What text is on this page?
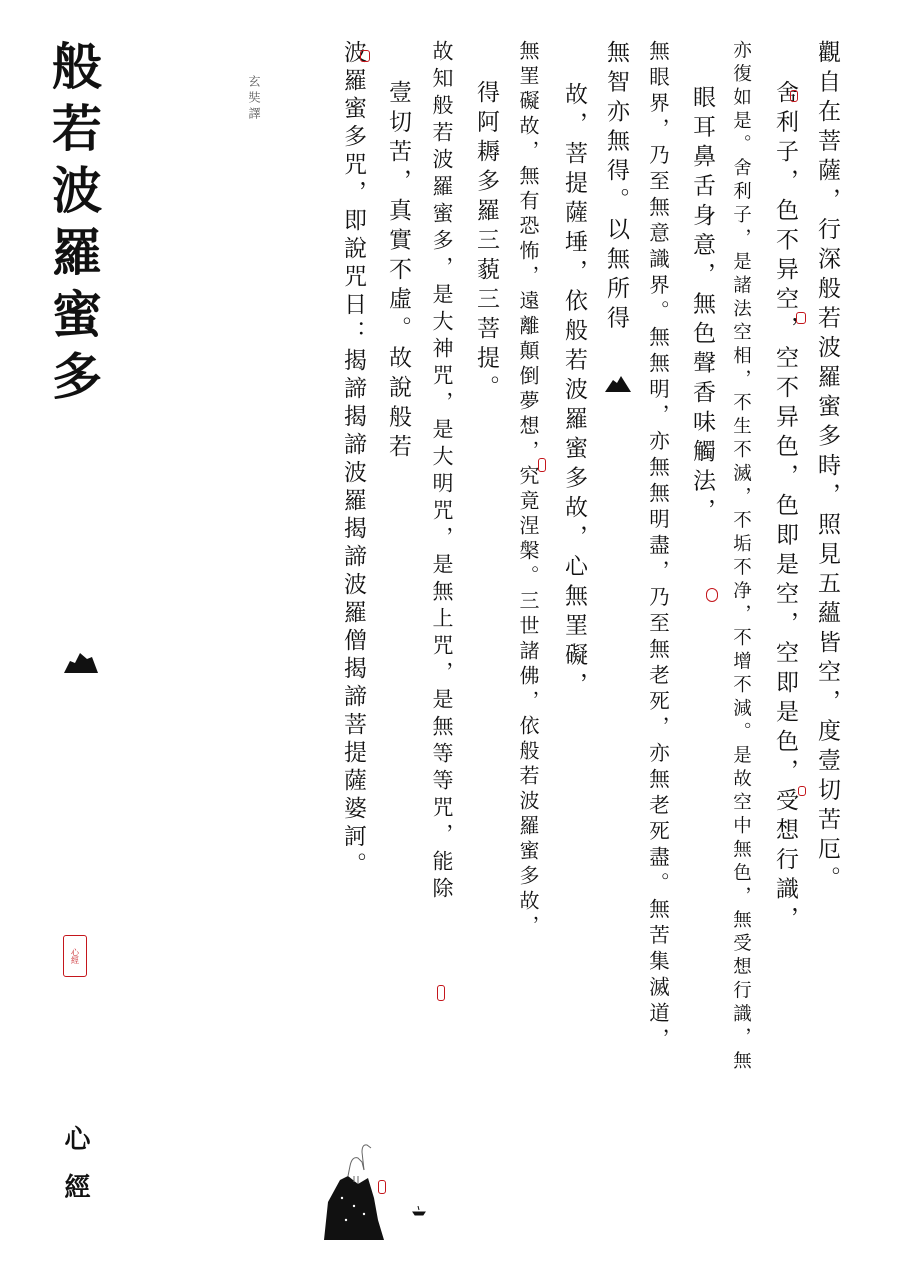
般若波羅蜜多	玄奘譯
心經
心經
觀自在菩薩，行深般若波羅蜜多時，照見五蘊皆空，度壹切苦厄。
舍利子，色不异空，空不异色，色即是空，空即是色，受想行識，
亦復如是。舍利子，是諸法空相，不生不滅，不垢不净，不增不減。是故空中無色，無受想行識，無
眼耳鼻舌身意，無色聲香味觸法，
無眼界，乃至無意識界。無無明，亦無無明盡，乃至無老死，亦無老死盡。無苦集滅道，
無智亦無得。以無所得
故，菩提薩埵，依般若波羅蜜多故，心無罣礙，
無罣礙故，無有恐怖，遠離顛倒夢想，究竟涅槃。三世諸佛，依般若波羅蜜多故，
得阿耨多羅三藐三菩提。
故知般若波羅蜜多，是大神咒，是大明咒，是無上咒，是無等等咒，能除
壹切苦，真實不虛。故說般若
波羅蜜多咒，即說咒日：揭諦揭諦波羅揭諦波羅僧揭諦菩提薩婆訶。
